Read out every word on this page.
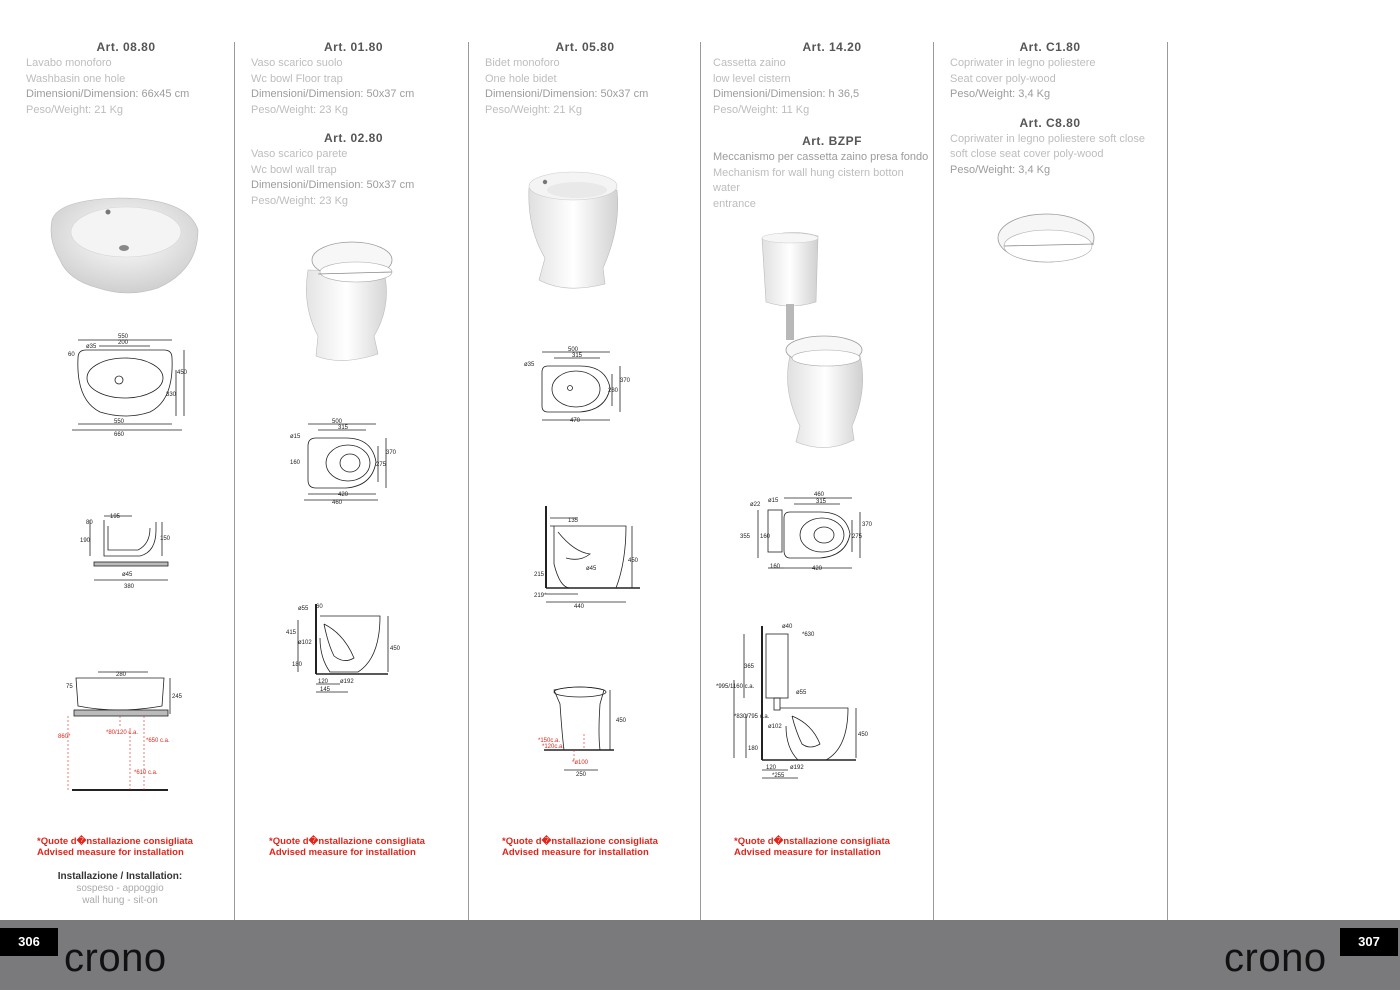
Art. 08.80
Lavabo monoforo
Washbasin one hole
Dimensioni/Dimension: 66x45 cm
Peso/Weight: 21 Kg
Art. 01.80
Vaso scarico suolo
Wc bowl Floor trap
Dimensioni/Dimension: 50x37 cm
Peso/Weight: 23 Kg
Art. 02.80
Vaso scarico parete
Wc bowl wall trap
Dimensioni/Dimension: 50x37 cm
Peso/Weight: 23 Kg
Art. 05.80
Bidet monoforo
One hole bidet
Dimensioni/Dimension: 50x37 cm
Peso/Weight: 21 Kg
Art. 14.20
Cassetta zaino
low level cistern
Dimensioni/Dimension: h 36,5
Peso/Weight: 11 Kg
Art. BZPF
Meccanismo per cassetta zaino presa fondo
Mechanism for wall hung cistern botton water
entrance
Art. C1.80
Copriwater in legno poliestere
Seat cover poly-wood
Peso/Weight: 3,4 Kg
Art. C8.80
Copriwater in legno poliestere soft close
soft close seat cover poly-wood
Peso/Weight: 3,4 Kg
550
ø35
200
60
450
330
550
660
195
80
190	150
ø45
380
280
75
245
860*
*80/120 c.a.
*650 c.a.
*610 c.a.
500
315
ø15
160
370
275
420
460
60
ø55
415
ø102
180
450
120 ø192
145
500
315
ø35
370
280
470
135
ø45
215
450
219*
440
450
*150c.a.
*120c.a.
*ø100
250
460
ø22
ø15	315
355 160
370
275
160	420
ø40
*630
365
*995/1160 c.a.
ø55
*830/795 c.a.
ø102
450
180
120 ø192
*255
*Quote d�nstallazione consigliata
Advised measure for installation
*Quote d�nstallazione consigliata
Advised measure for installation
*Quote d�nstallazione consigliata
Advised measure for installation
*Quote d�nstallazione consigliata
Advised measure for installation
Installazione / Installation:
sospeso - appoggio
wall hung - sit-on
306	307
crono	crono
